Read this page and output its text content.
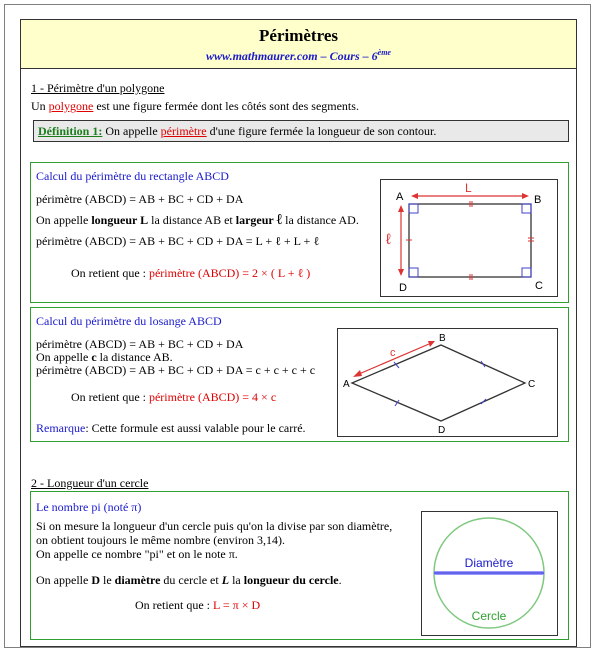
Périmètres
www.mathmaurer.com – Cours – 6ème
1 - Périmètre d'un polygone
Un polygone est une figure fermée dont les côtés sont des segments.
Définition 1: On appelle périmètre d'une figure fermée la longueur de son contour.
Calcul du périmètre du rectangle ABCD
périmètre (ABCD) = AB + BC + CD + DA
On appelle longueur L la distance AB et largeur ℓ la distance AD.
périmètre (ABCD) = AB + BC + CD + DA = L + ℓ + L + ℓ
On retient que : périmètre (ABCD) = 2 × ( L + ℓ )
A	B
C
D
L
ℓ
Calcul du périmètre du losange ABCD
périmètre (ABCD) = AB + BC + CD + DA
On appelle c la distance AB.
périmètre (ABCD) = AB + BC + CD + DA = c + c + c + c
On retient que : périmètre (ABCD) = 4 × c
Remarque: Cette formule est aussi valable pour le carré.
A
B
C
D
c
2 - Longueur d'un cercle
Le nombre pi (noté π)
Si on mesure la longueur d'un cercle puis qu'on la divise par son diamètre,
on obtient toujours le même nombre (environ 3,14).
On appelle ce nombre "pi" et on le note π.
On appelle D le diamètre du cercle et L la longueur du cercle.
On retient que : L = π × D
Diamètre
Cercle
